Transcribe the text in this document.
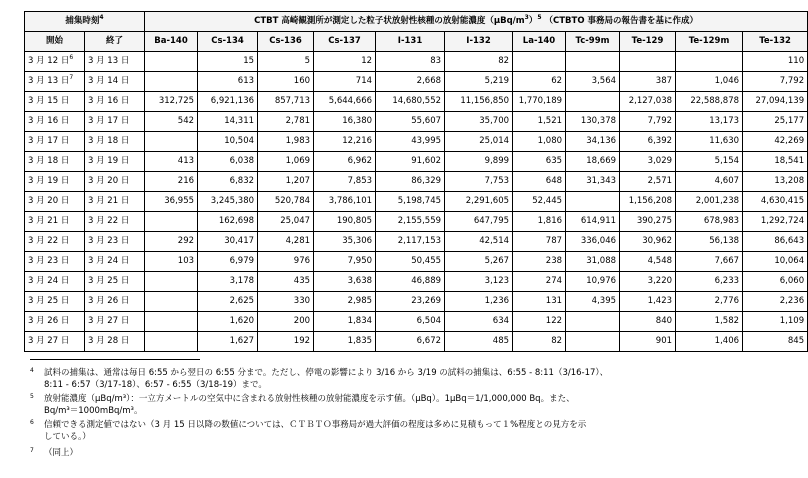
捕集時刻$^4$		CTBT 高崎観測所が測定した粒子状放射性核種の放射能濃度$(\mu Bq/m^3)^5$ （CTBTO 事務局の報告書を基に作成）										
開始	終了	Ba-140	Cs-134	Cs-136	Cs-137	I-131	I-132	La-140	Tc-99m	Te-129	Te-129m	Te-132
3 月 12 日$^6$	3 月 13 日		15	5	12	83	82					110
3 月 13 日$^7$	3 月 14 日		613	160	714	2,668	5,219	62	3,564	387	1,046	7,792
3 月 15 日	3 月 16 日	312,725	6,921,136	857,713	5,644,666	14,680,552	11,156,850	1,770,189		2,127,038	22,588,878	27,094,139
3 月 16 日	3 月 17 日	542	14,311	2,781	16,380	55,607	35,700	1,521	130,378	7,792	13,173	25,177
3 月 17 日	3 月 18 日		10,504	1,983	12,216	43,995	25,014	1,080	34,136	6,392	11,630	42,269
3 月 18 日	3 月 19 日	413	6,038	1,069	6,962	91,602	9,899	635	18,669	3,029	5,154	18,541
3 月 19 日	3 月 20 日	216	6,832	1,207	7,853	86,329	7,753	648	31,343	2,571	4,607	13,208
3 月 20 日	3 月 21 日	36,955	3,245,380	520,784	3,786,101	5,198,745	2,291,605	52,445		1,156,208	2,001,238	4,630,415
3 月 21 日	3 月 22 日		162,698	25,047	190,805	2,155,559	647,795	1,816	614,911	390,275	678,983	1,292,724
3 月 22 日	3 月 23 日	292	30,417	4,281	35,306	2,117,153	42,514	787	336,046	30,962	56,138	86,643
3 月 23 日	3 月 24 日	103	6,979	976	7,950	50,455	5,267	238	31,088	4,548	7,667	10,064
3 月 24 日	3 月 25 日		3,178	435	3,638	46,889	3,123	274	10,976	3,220	6,233	6,060
3 月 25 日	3 月 26 日		2,625	330	2,985	23,269	1,236	131	4,395	1,423	2,776	2,236
3 月 26 日	3 月 27 日		1,620	200	1,834	6,504	634	122		840	1,582	1,109
3 月 27 日	3 月 28 日		1,627	192	1,835	6,672	485	82		901	1,406	845
4 試料の捕集は、通常は毎日 6:55 から翌日の 6:55 分まで。ただし、停電の影響により 3/16 から 3/19 の試料の捕集は、6:55 - 8:11（3/16-17）、
8:11 - 6:57（3/17-18）、6:57 - 6:55（3/18-19）まで。
5 放射能濃度（μBq/m³）：一立方メートルの空気中に含まれる放射性核種の放射能濃度を示す値。（μBq）。1μBq＝1/1,000,000 Bq。また、
Bq/m³＝1000mBq/m³。
6 信頼できる測定値ではない（3 月 15 日以降の数値については、ＣＴＢＴＯ事務局が過大評価の程度は多めに見積もって１%程度との見方を示
している。）
7 （同上）
